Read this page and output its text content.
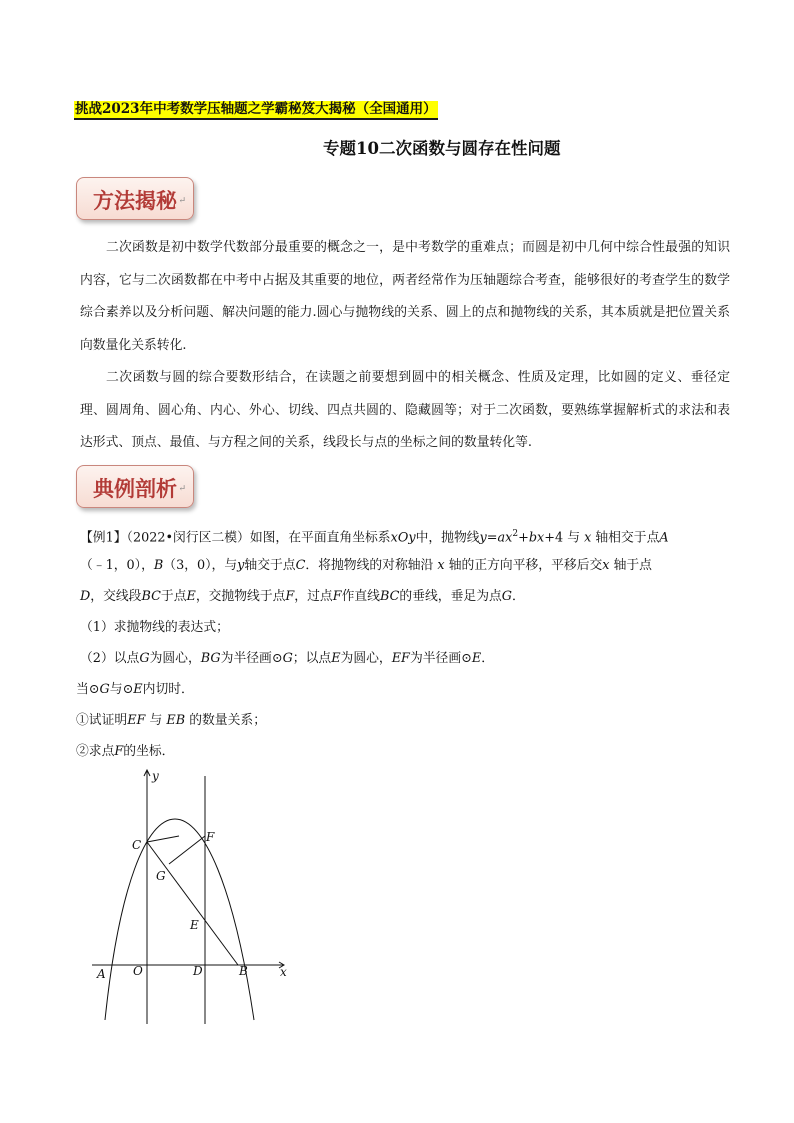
挑战2023年中考数学压轴题之学霸秘笈大揭秘（全国通用）
专题10二次函数与圆存在性问题
方法揭秘 ↵

二次函数是初中数学代数部分最重要的概念之一，是中考数学的重难点；而圆是初中几何中综合性最强的知识内容，它与二次函数都在中考中占据及其重要的地位，两者经常作为压轴题综合考查，能够很好的考查学生的数学综合素养以及分析问题、解决问题的能力.圆心与抛物线的关系、圆上的点和抛物线的关系，其本质就是把位置关系向数量化关系转化.

二次函数与圆的综合要数形结合，在读题之前要想到圆中的相关概念、性质及定理，比如圆的定义、垂径定理、圆周角、圆心角、内心、外心、切线、四点共圆的、隐藏圆等；对于二次函数，要熟练掌握解析式的求法和表达形式、顶点、最值、与方程之间的关系，线段长与点的坐标之间的数量转化等.

典例剖析 ↵
【例1】（2022•闵行区二模）如图，在平面直角坐标系xOy中，抛物线$y=ax^2+bx+4$ 与 x 轴相交于点A
（﹣1，0），B（3，0），与y轴交于点C．将抛物线的对称轴沿 x 轴的正方向平移，平移后交x 轴于点
D，交线段BC于点E，交抛物线于点F，过点F作直线BC的垂线，垂足为点G．
（1）求抛物线的表达式；
（2）以点G为圆心，BG为半径画⊙G；以点E为圆心，EF为半径画⊙E．
当⊙G与⊙E内切时．
①试证明EF 与 EB 的数量关系；
②求点F的坐标．
y
x
C
F
G
E
A O	D	B
